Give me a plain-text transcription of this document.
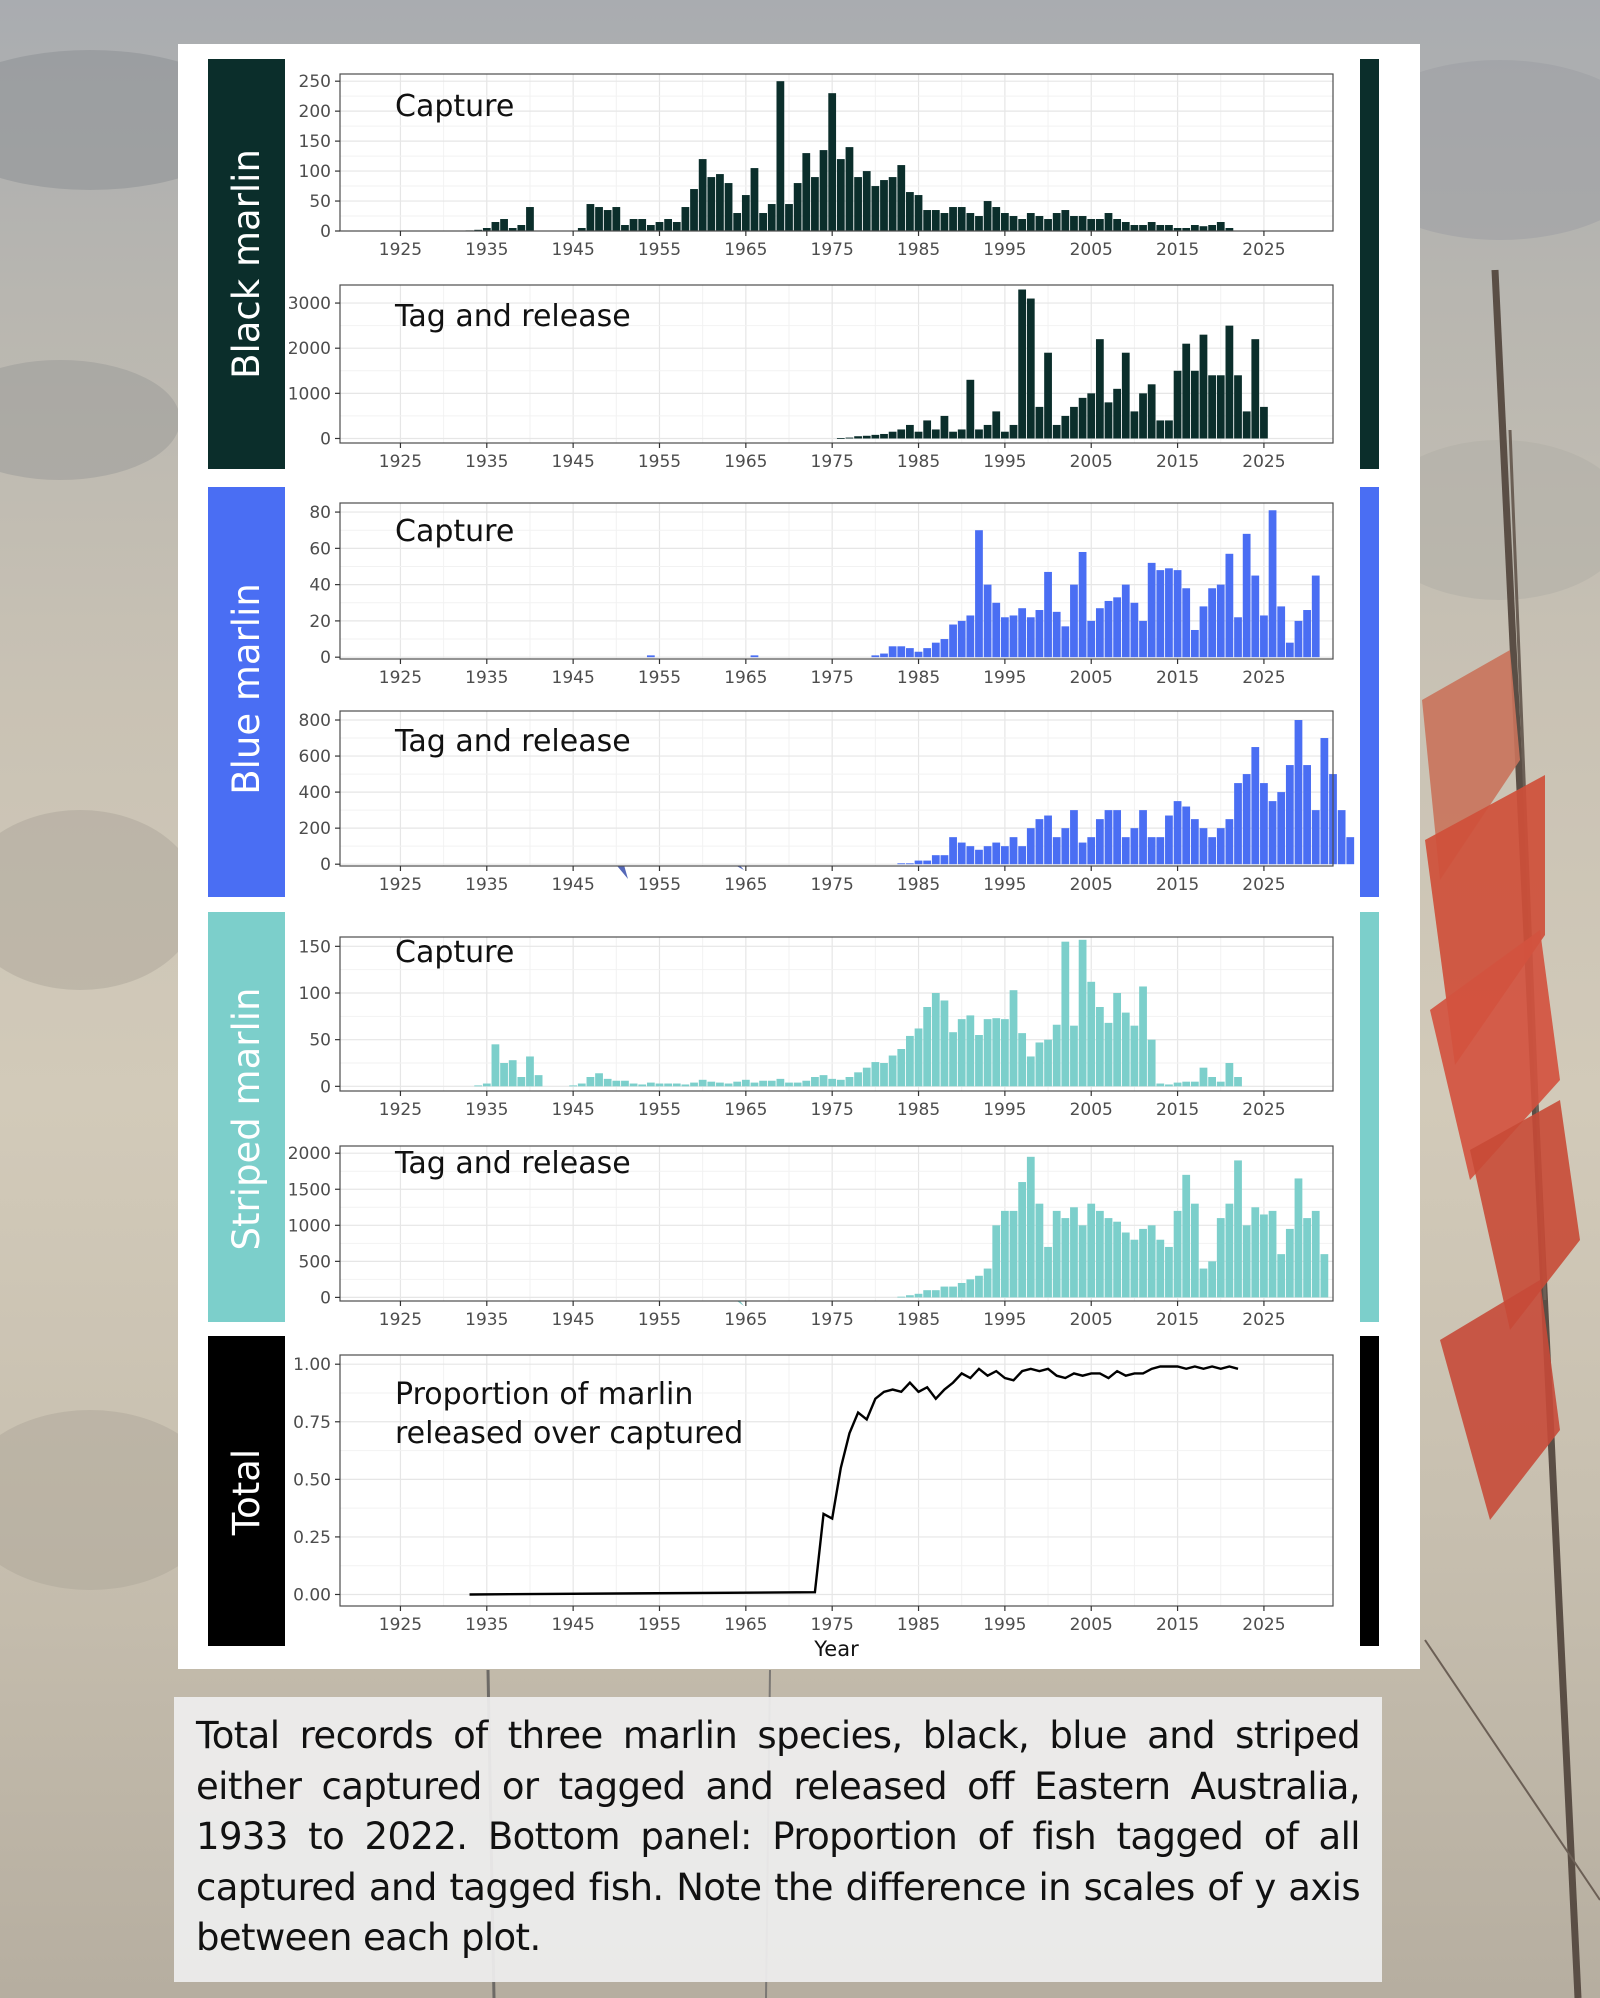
Black marlin
Blue marlin
Striped marlin
Total
0
50
100
150
200
250
1925	1935	1945	1955	1965	1975	1985	1995	2005	2015	2025
Capture
0
1000
2000
3000
1925	1935	1945	1955	1965	1975	1985	1995	2005	2015	2025
Tag and release
0
20
40
60
80
1925	1935	1945	1955	1965	1975	1985	1995	2005	2015	2025
Capture
0
200
400
600
800
1925	1935	1945	1955	1965	1975	1985	1995	2005	2015	2025
Tag and release
0
50
100
150
1925	1935	1945	1955	1965	1975	1985	1995	2005	2015	2025
Capture
0
500
1000
1500
2000
1925	1935	1945	1955	1965	1975	1985	1995	2005	2015	2025
Tag and release
0.00
0.25
0.50
0.75
1.00
1925	1935	1945	1955	1965	1975	1985	1995	2005	2015	2025
Proportion of marlin
released over captured
Year

Total records of three marlin species, black, blue and striped either captured or tagged and released off Eastern Australia, 1933 to 2022. Bottom panel: Proportion of fish tagged of all captured and tagged fish. Note the difference in scales of y axis between each plot.
